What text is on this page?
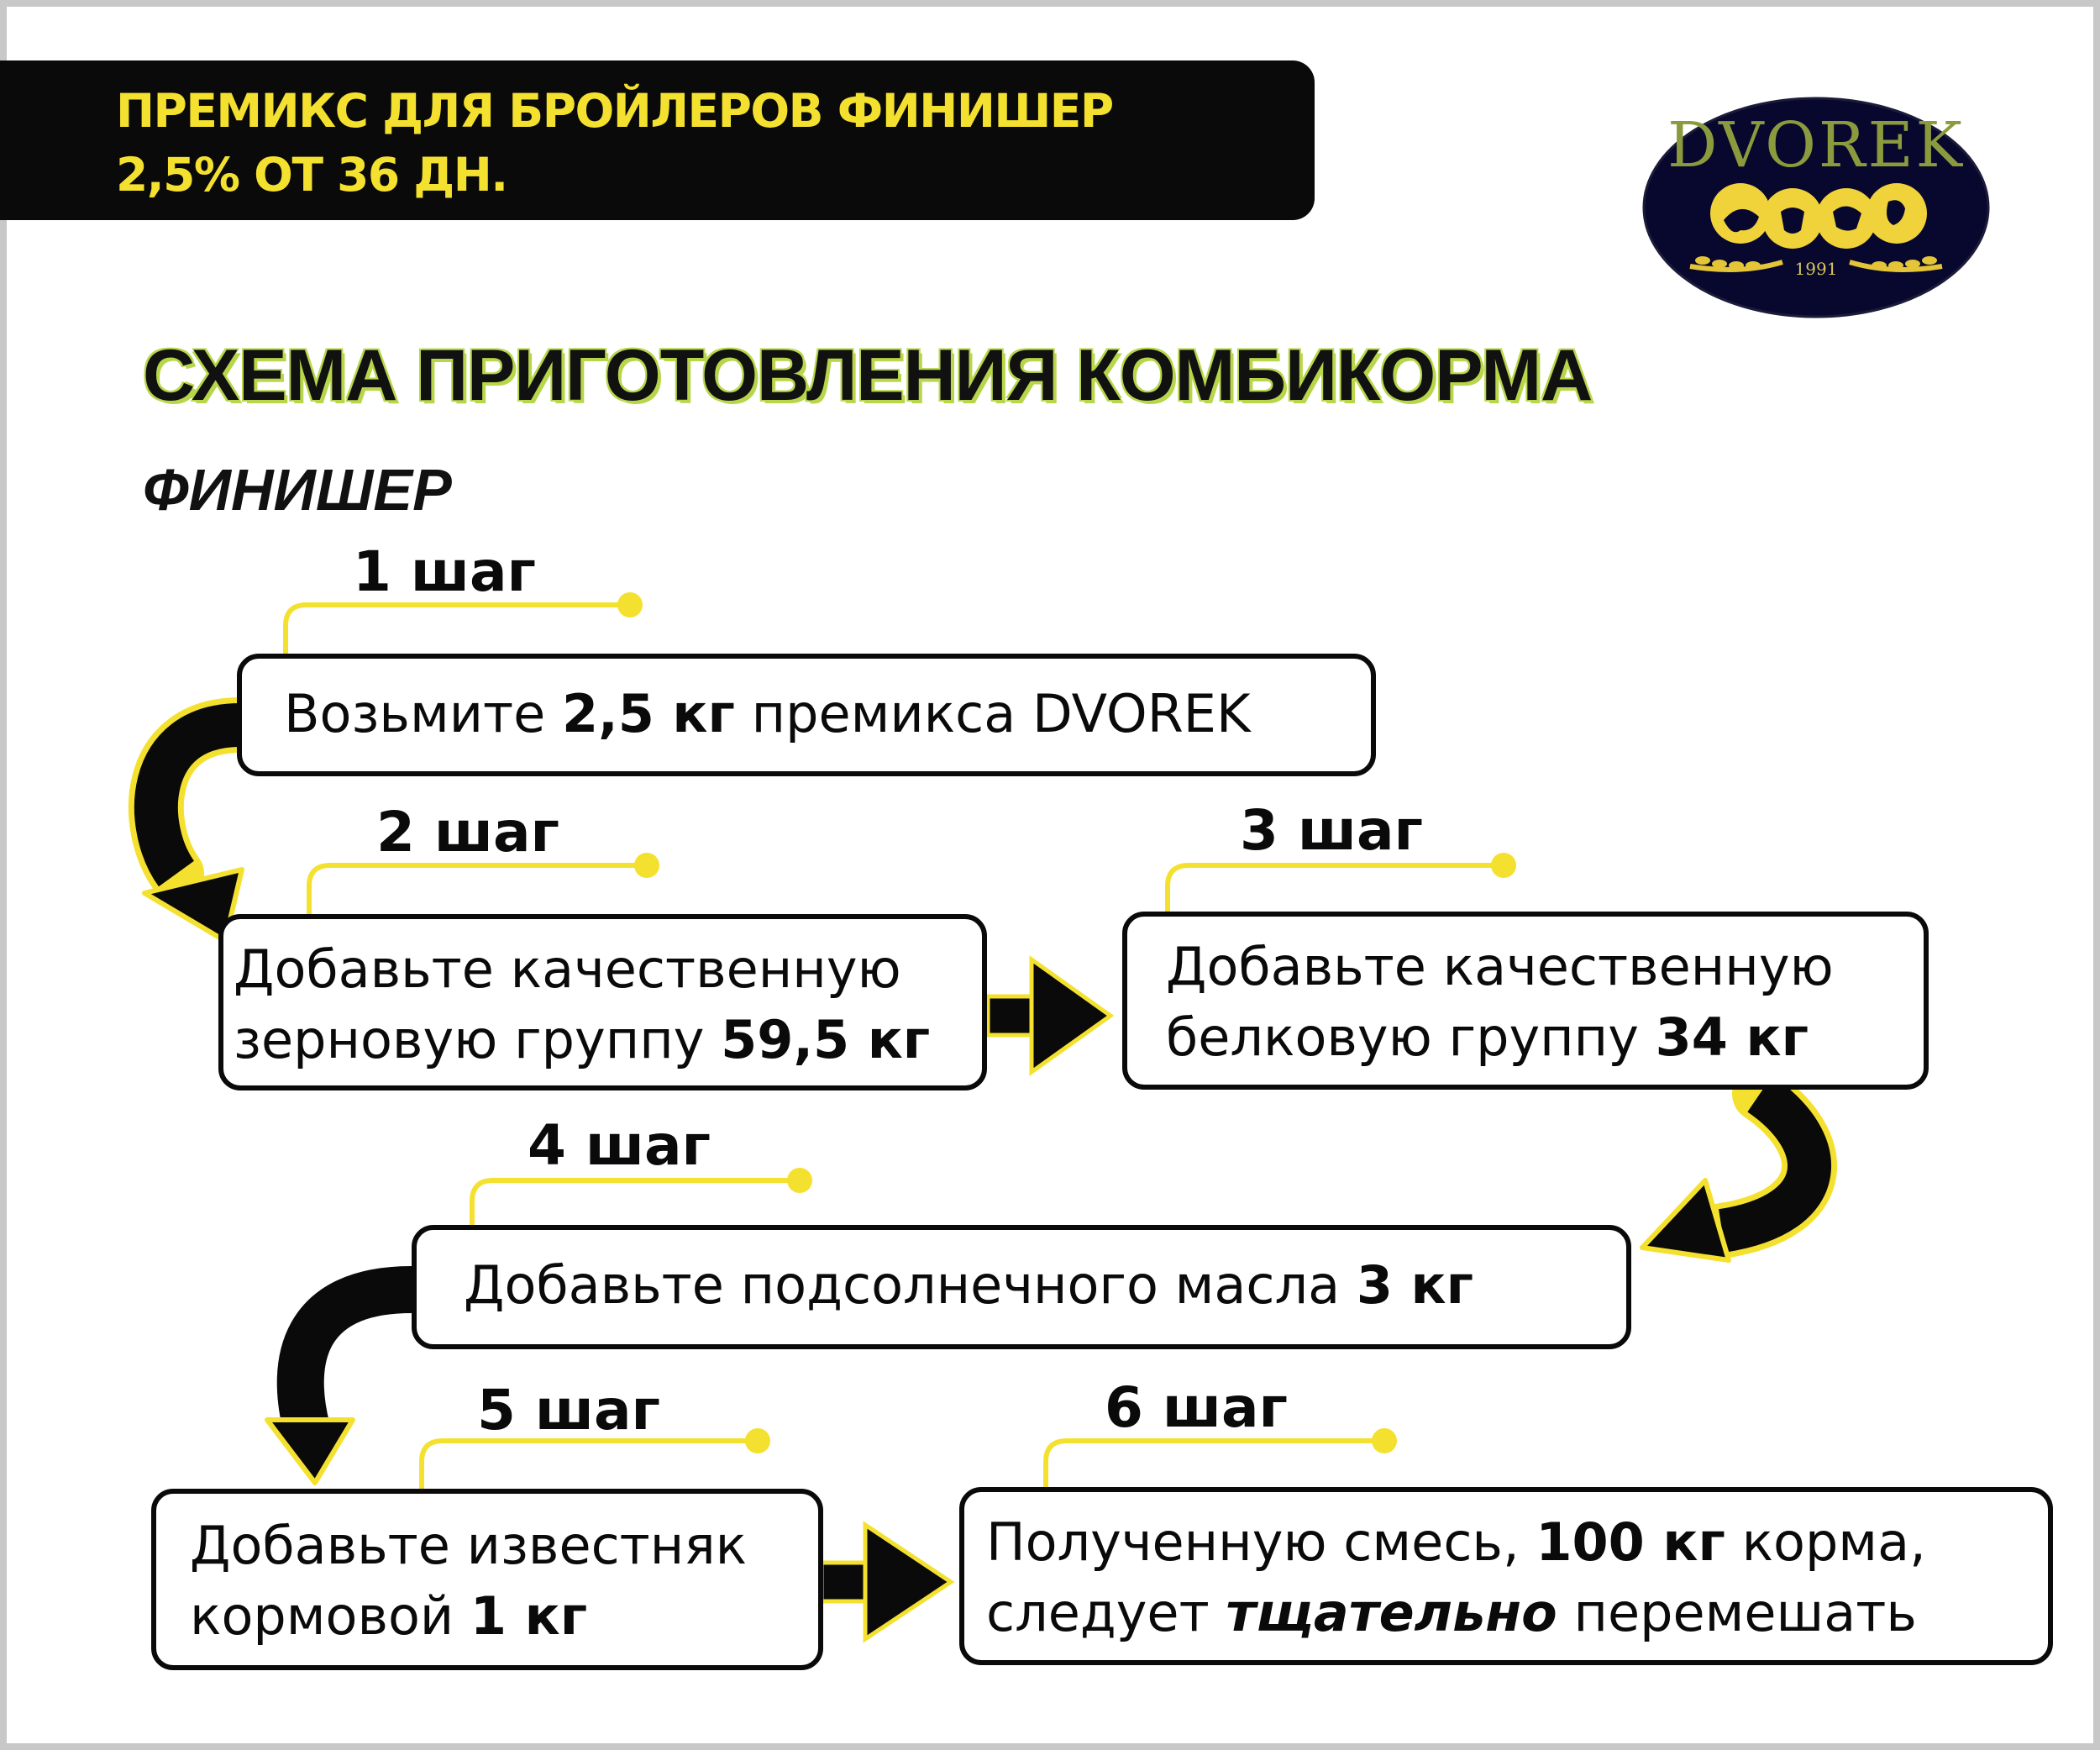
ПРЕМИКС ДЛЯ БРОЙЛЕРОВ ФИНИШЕР
2,5% ОТ 36 ДН.	DVOREK
1991
СХЕМА ПРИГОТОВЛЕНИЯ КОМБИКОРМА
ФИНИШЕР
1 шаг
2 шаг	3 шаг
4 шаг
5 шаг	6 шаг
Возьмите 2,5 кг премикса DVOREK
Добавьте качественную
зерновую группу 59,5 кг
Добавьте качественную
белковую группу 34 кг
Добавьте подсолнечного масла 3 кг
Добавьте известняк
кормовой 1 кг
Полученную смесь, 100 кг корма,
следует тщательно перемешать
